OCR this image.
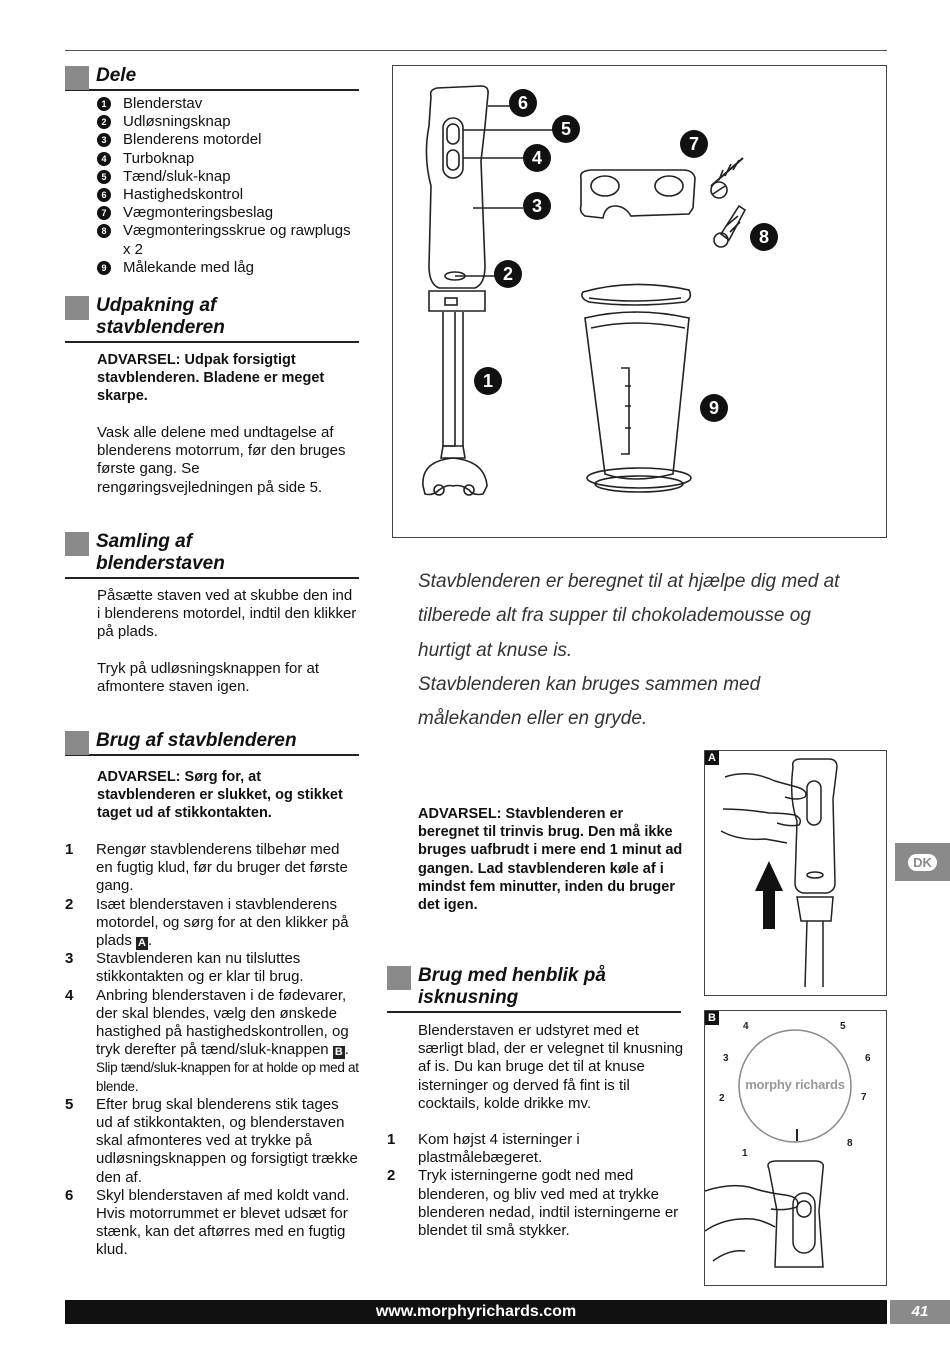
Dele
1	Blenderstav
2	Udløsningsknap
3	Blenderens motordel
4	Turboknap
5	Tænd/sluk-knap
6	Hastighedskontrol
7	Vægmonteringsbeslag
8	Vægmonteringsskrue og rawplugs x 2
9	Målekande med låg
Udpakning af
stavblenderen
ADVARSEL: Udpak forsigtigt stavblenderen. Bladene er meget skarpe.
Vask alle delene med undtagelse af blenderens motorrum, før den bruges første gang. Se rengøringsvejledningen på side 5.
Samling af
blenderstaven
Påsætte staven ved at skubbe den ind i blenderens motordel, indtil den klikker på plads.
Tryk på udløsningsknappen for at afmontere staven igen.
Brug af stavblenderen
ADVARSEL: Sørg for, at stavblenderen er slukket, og stikket taget ud af stikkontakten.
1	Rengør stavblenderens tilbehør med en fugtig klud, før du bruger det første gang.
2	Isæt blenderstaven i stavblenderens motordel, og sørg for at den klikker på plads A .
3	Stavblenderen kan nu tilsluttes stikkontakten og er klar til brug.
4	Anbring blenderstaven i de fødevarer, der skal blendes, vælg den ønskede hastighed på hastighedskontrollen, og tryk derefter på tænd/sluk-knappen B .
Slip tænd/sluk-knappen for at holde op med at blende.
5	Efter brug skal blenderens stik tages ud af stikkontakten, og blenderstaven skal afmonteres ved at trykke på udløsningsknappen og forsigtigt trække den af.
6	Skyl blenderstaven af med koldt vand. Hvis motorrummet er blevet udsæt for stænk, kan det aftørres med en fugtig klud.
1
2
3
4
5
6
7
8
9
Stavblenderen er beregnet til at hjælpe dig med at
tilberede alt fra supper til chokolademousse og
hurtigt at knuse is.
Stavblenderen kan bruges sammen med
målekanden eller en gryde.
ADVARSEL: Stavblenderen er beregnet til trinvis brug. Den må ikke bruges uafbrudt i mere end 1 minut ad gangen. Lad stavblenderen køle af i mindst fem minutter, inden du bruger det igen.
Brug med henblik på
isknusning
Blenderstaven er udstyret med et særligt blad, der er velegnet til knusning af is. Du kan bruge det til at knuse isterninger og derved få fint is til cocktails, kolde drikke mv.
1	Kom højst 4 isterninger i plastmålebægeret.
2	Tryk isterningerne godt ned med blenderen, og bliv ved med at trykke blenderen nedad, indtil isterningerne er blendet til små stykker.
A
B
morphy richards
1
2
3
4	5
6
7
8
DK
www.morphyrichards.com	41
